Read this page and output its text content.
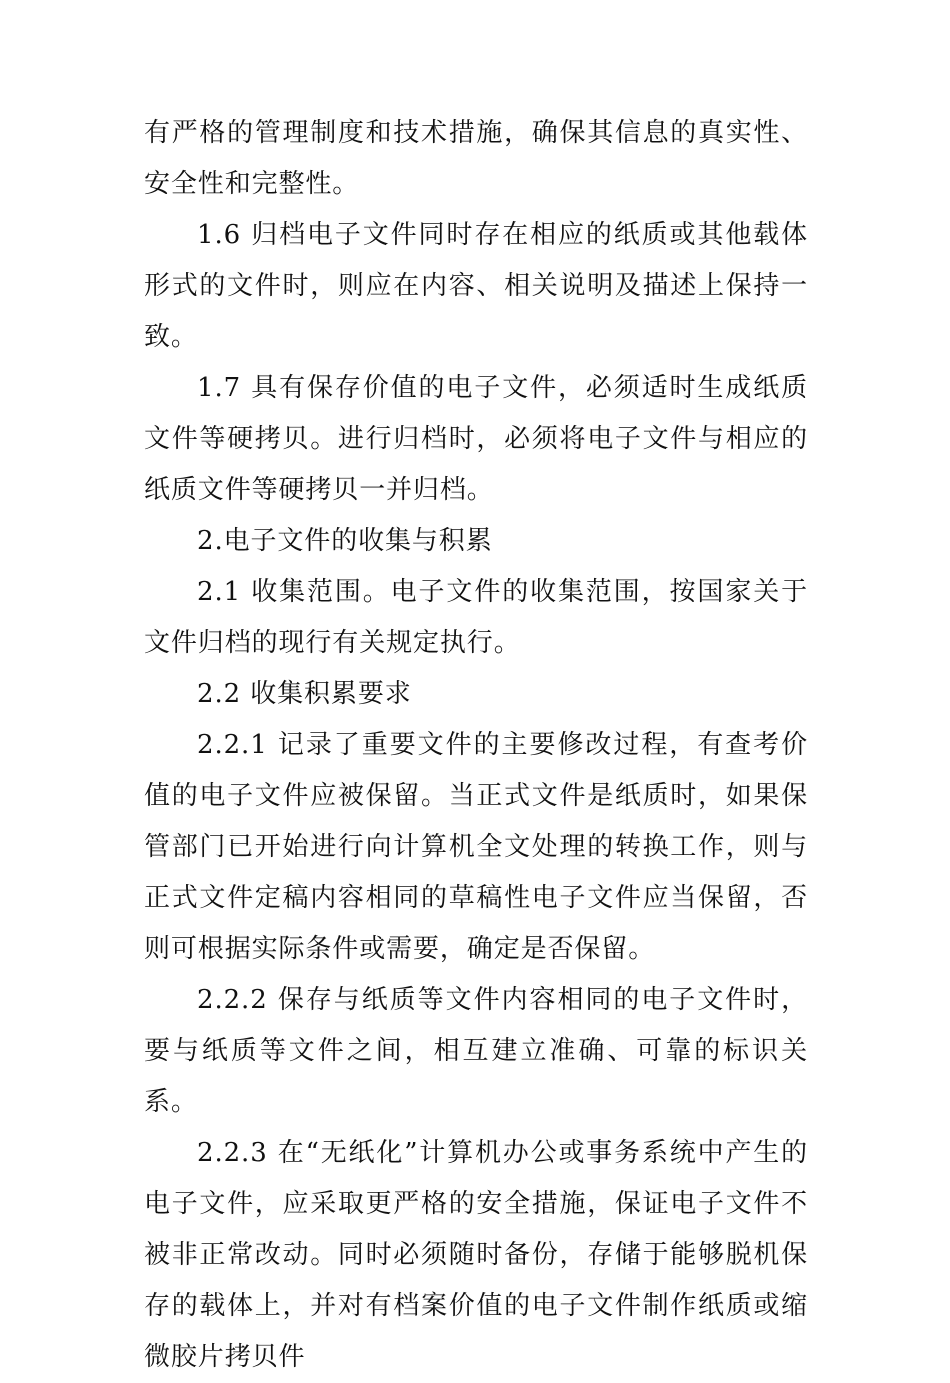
有严格的管理制度和技术措施，确保其信息的真实性、安全性和完整性。

1.6 归档电子文件同时存在相应的纸质或其他载体形式的文件时，则应在内容、相关说明及描述上保持一致。

1.7 具有保存价值的电子文件，必须适时生成纸质文件等硬拷贝。进行归档时，必须将电子文件与相应的纸质文件等硬拷贝一并归档。

2.电子文件的收集与积累

2.1 收集范围。电子文件的收集范围，按国家关于文件归档的现行有关规定执行。

2.2 收集积累要求

2.2.1 记录了重要文件的主要修改过程，有查考价值的电子文件应被保留。当正式文件是纸质时，如果保管部门已开始进行向计算机全文处理的转换工作，则与正式文件定稿内容相同的草稿性电子文件应当保留，否则可根据实际条件或需要，确定是否保留。

2.2.2 保存与纸质等文件内容相同的电子文件时，要与纸质等文件之间，相互建立准确、可靠的标识关系。

2.2.3 在“无纸化”计算机办公或事务系统中产生的电子文件，应采取更严格的安全措施，保证电子文件不被非正常改动。同时必须随时备份，存储于能够脱机保存的载体上，并对有档案价值的电子文件制作纸质或缩微胶片拷贝件
